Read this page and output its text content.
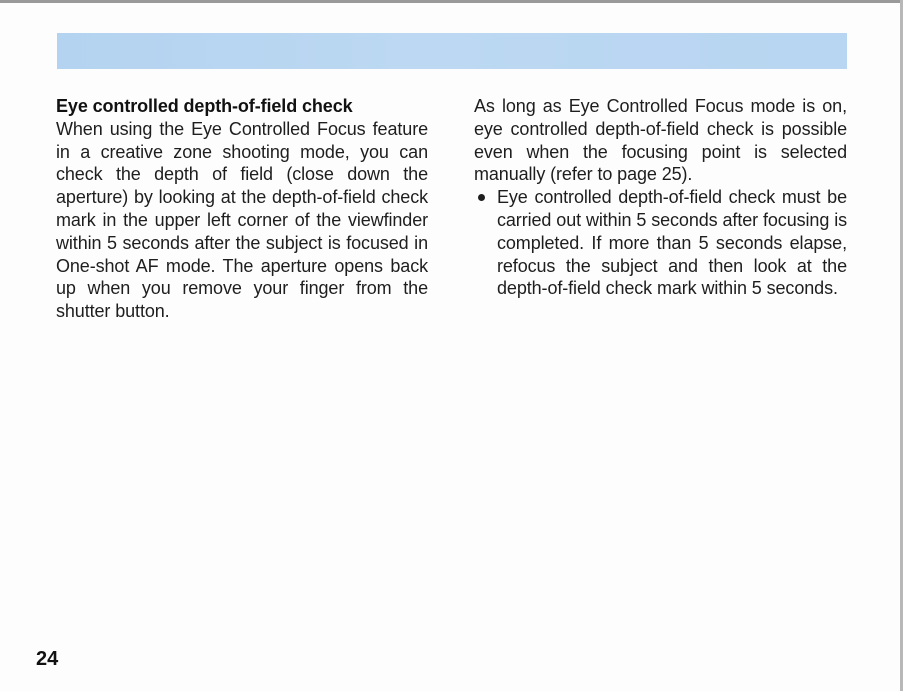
Eye controlled depth-of-field check

When using the Eye Controlled Focus feature in a creative zone shooting mode, you can check the depth of field (close down the aperture) by looking at the depth-of-field check mark in the upper left corner of the viewfinder within 5 seconds after the subject is focused in One-shot AF mode. The aperture opens back up when you remove your finger from the shutter button.

As long as Eye Controlled Focus mode is on, eye controlled depth-of-field check is possible even when the focusing point is selected manually (refer to page 25).

Eye controlled depth-of-field check must be carried out within 5 seconds after focusing is completed. If more than 5 seconds elapse, refocus the subject and then look at the depth-of-field check mark within 5 seconds.
24
